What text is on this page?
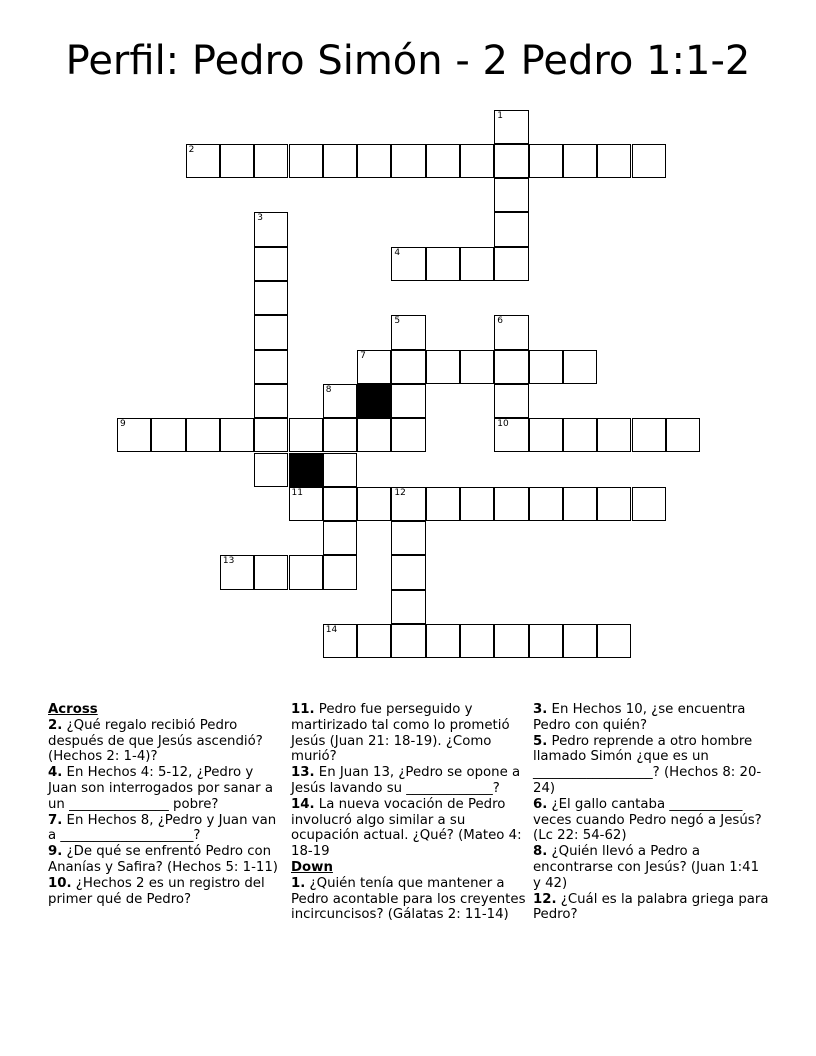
Perfil: Pedro Simón - 2 Pedro 1:1-2
1
2
3
4
5	6
7
8
9	10
11	12
13
14
Across
2. ¿Qué regalo recibió Pedro después de que Jesús ascendió? (Hechos 2: 1-4)?
4. En Hechos 4: 5-12, ¿Pedro y Juan son interrogados por sanar a un _______________ pobre?
7. En Hechos 8, ¿Pedro y Juan van a ____________________?
9. ¿De qué se enfrentó Pedro con Ananías y Safira? (Hechos 5: 1-11)
10. ¿Hechos 2 es un registro del primer qué de Pedro?
11. Pedro fue perseguido y martirizado tal como lo prometió Jesús (Juan 21: 18-19). ¿Como murió?
13. En Juan 13, ¿Pedro se opone a Jesús lavando su _____________?
14. La nueva vocación de Pedro involucró algo similar a su ocupación actual. ¿Qué? (Mateo 4: 18-19
Down
1. ¿Quién tenía que mantener a Pedro acontable para los creyentes incircuncisos? (Gálatas 2: 11-14)
3. En Hechos 10, ¿se encuentra Pedro con quién?
5. Pedro reprende a otro hombre llamado Simón ¿que es un __________________? (Hechos 8: 20-24)
6. ¿El gallo cantaba ___________ veces cuando Pedro negó a Jesús? (Lc 22: 54-62)
8. ¿Quién llevó a Pedro a encontrarse con Jesús? (Juan 1:41 y 42)
12. ¿Cuál es la palabra griega para Pedro?
